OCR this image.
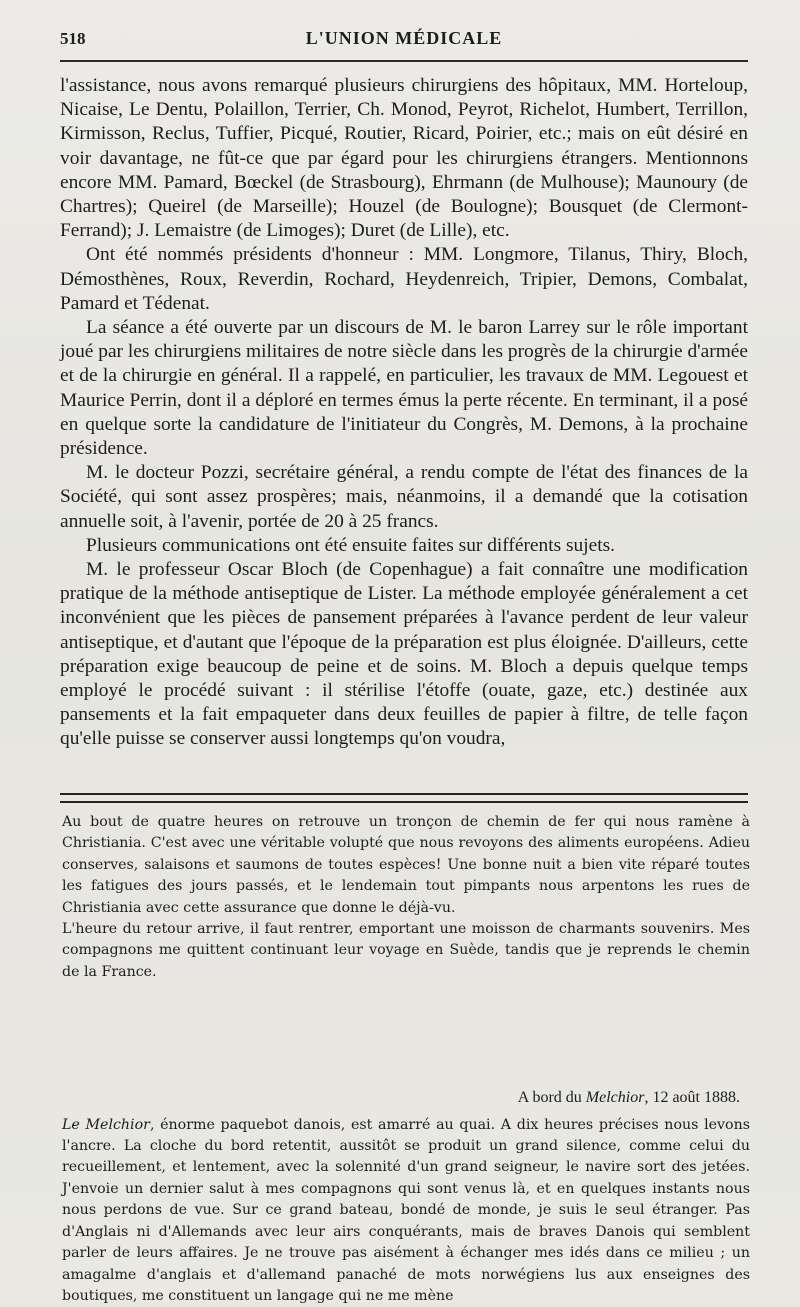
518	L'UNION MÉDICALE

l'assistance, nous avons remarqué plusieurs chirurgiens des hôpitaux, MM. Horteloup, Nicaise, Le Dentu, Polaillon, Terrier, Ch. Monod, Peyrot, Richelot, Humbert, Terrillon, Kirmisson, Reclus, Tuffier, Picqué, Routier, Ricard, Poirier, etc.; mais on eût désiré en voir davantage, ne fût-ce que par égard pour les chirurgiens étrangers. Mentionnons encore MM. Pamard, Bœckel (de Strasbourg), Ehrmann (de Mulhouse); Maunoury (de Chartres); Queirel (de Marseille); Houzel (de Boulogne); Bousquet (de Clermont-Ferrand); J. Lemaistre (de Limoges); Duret (de Lille), etc.

Ont été nommés présidents d'honneur : MM. Longmore, Tilanus, Thiry, Bloch, Démosthènes, Roux, Reverdin, Rochard, Heydenreich, Tripier, Demons, Combalat, Pamard et Tédenat.

La séance a été ouverte par un discours de M. le baron Larrey sur le rôle important joué par les chirurgiens militaires de notre siècle dans les progrès de la chirurgie d'armée et de la chirurgie en général. Il a rappelé, en particulier, les travaux de MM. Legouest et Maurice Perrin, dont il a déploré en termes émus la perte récente. En terminant, il a posé en quelque sorte la candidature de l'initiateur du Congrès, M. Demons, à la prochaine présidence.

M. le docteur Pozzi, secrétaire général, a rendu compte de l'état des finances de la Société, qui sont assez prospères; mais, néanmoins, il a demandé que la cotisation annuelle soit, à l'avenir, portée de 20 à 25 francs.

Plusieurs communications ont été ensuite faites sur différents sujets.

M. le professeur Oscar Bloch (de Copenhague) a fait connaître une modification pratique de la méthode antiseptique de Lister. La méthode employée généralement a cet inconvénient que les pièces de pansement préparées à l'avance perdent de leur valeur antiseptique, et d'autant que l'époque de la préparation est plus éloignée. D'ailleurs, cette préparation exige beaucoup de peine et de soins. M. Bloch a depuis quelque temps employé le procédé suivant : il stérilise l'étoffe (ouate, gaze, etc.) destinée aux pansements et la fait empaqueter dans deux feuilles de papier à filtre, de telle façon qu'elle puisse se conserver aussi longtemps qu'on voudra,

Au bout de quatre heures on retrouve un tronçon de chemin de fer qui nous ramène à Christiania. C'est avec une véritable volupté que nous revoyons des aliments européens. Adieu conserves, salaisons et saumons de toutes espèces! Une bonne nuit a bien vite réparé toutes les fatigues des jours passés, et le lendemain tout pimpants nous arpentons les rues de Christiania avec cette assurance que donne le déjà-vu.

L'heure du retour arrive, il faut rentrer, emportant une moisson de charmants souvenirs. Mes compagnons me quittent continuant leur voyage en Suède, tandis que je reprends le chemin de la France.

A bord du Melchior, 12 août 1888.

Le Melchior, énorme paquebot danois, est amarré au quai. A dix heures précises nous levons l'ancre. La cloche du bord retentit, aussitôt se produit un grand silence, comme celui du recueillement, et lentement, avec la solennité d'un grand seigneur, le navire sort des jetées. J'envoie un dernier salut à mes compagnons qui sont venus là, et en quelques instants nous nous perdons de vue. Sur ce grand bateau, bondé de monde, je suis le seul étranger. Pas d'Anglais ni d'Allemands avec leur airs conquérants, mais de braves Danois qui semblent parler de leurs affaires. Je ne trouve pas aisément à échanger mes idés dans ce milieu ; un amagalme d'anglais et d'allemand panaché de mots norwégiens lus aux enseignes des boutiques, me constituent un langage qui ne me mène
